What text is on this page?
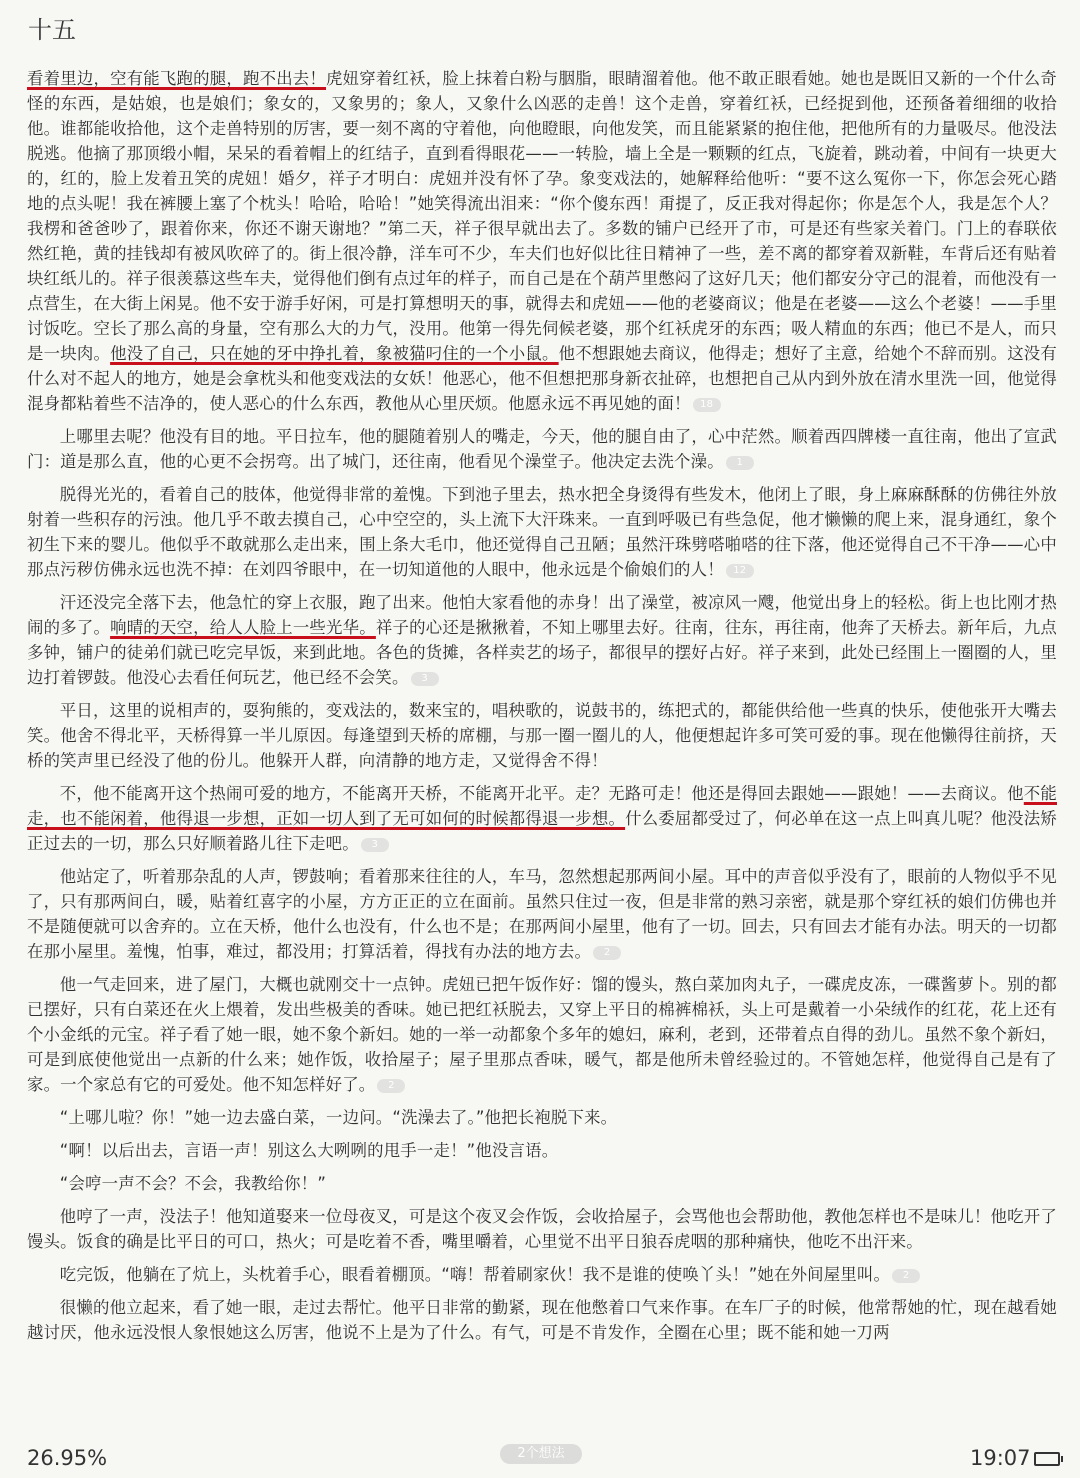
十五

看着里边，空有能飞跑的腿，跑不出去！虎妞穿着红袄，脸上抹着白粉与胭脂，眼睛溜着他。他不敢正眼看她。她也是既旧又新的一个什么奇怪的东西，是姑娘，也是娘们；象女的，又象男的；象人，又象什么凶恶的走兽！这个走兽，穿着红袄，已经捉到他，还预备着细细的收拾他。谁都能收拾他，这个走兽特别的厉害，要一刻不离的守着他，向他瞪眼，向他发笑，而且能紧紧的抱住他，把他所有的力量吸尽。他没法脱逃。他摘了那顶缎小帽，呆呆的看着帽上的红结子，直到看得眼花——一转脸，墙上全是一颗颗的红点，飞旋着，跳动着，中间有一块更大的，红的，脸上发着丑笑的虎妞！婚夕，祥子才明白：虎妞并没有怀了孕。象变戏法的，她解释给他听：“要不这么冤你一下，你怎会死心踏地的点头呢！我在裤腰上塞了个枕头！哈哈，哈哈！”她笑得流出泪来：“你个傻东西！甭提了，反正我对得起你；你是怎个人，我是怎个人？我楞和爸爸吵了，跟着你来，你还不谢天谢地？”第二天，祥子很早就出去了。多数的铺户已经开了市，可是还有些家关着门。门上的春联依然红艳，黄的挂钱却有被风吹碎了的。街上很冷静，洋车可不少，车夫们也好似比往日精神了一些，差不离的都穿着双新鞋，车背后还有贴着块红纸儿的。祥子很羡慕这些车夫，觉得他们倒有点过年的样子，而自己是在个葫芦里憋闷了这好几天；他们都安分守己的混着，而他没有一点营生，在大街上闲晃。他不安于游手好闲，可是打算想明天的事，就得去和虎妞——他的老婆商议；他是在老婆——这么个老婆！——手里讨饭吃。空长了那么高的身量，空有那么大的力气，没用。他第一得先伺候老婆，那个红袄虎牙的东西；吸人精血的东西；他已不是人，而只是一块肉。他没了自己，只在她的牙中挣扎着，象被猫叼住的一个小鼠。他不想跟她去商议，他得走；想好了主意，给她个不辞而别。这没有什么对不起人的地方，她是会拿枕头和他变戏法的女妖！他恶心，他不但想把那身新衣扯碎，也想把自己从内到外放在清水里洗一回，他觉得混身都粘着些不洁净的，使人恶心的什么东西，教他从心里厌烦。他愿永远不再见她的面！ 18

上哪里去呢？他没有目的地。平日拉车，他的腿随着别人的嘴走，今天，他的腿自由了，心中茫然。顺着西四牌楼一直往南，他出了宣武门：道是那么直，他的心更不会拐弯。出了城门，还往南，他看见个澡堂子。他决定去洗个澡。 1

脱得光光的，看着自己的肢体，他觉得非常的羞愧。下到池子里去，热水把全身烫得有些发木，他闭上了眼，身上麻麻酥酥的仿佛往外放射着一些积存的污浊。他几乎不敢去摸自己，心中空空的，头上流下大汗珠来。一直到呼吸已有些急促，他才懒懒的爬上来，混身通红，象个初生下来的婴儿。他似乎不敢就那么走出来，围上条大毛巾，他还觉得自己丑陋；虽然汗珠劈嗒啪嗒的往下落，他还觉得自己不干净——心中那点污秽仿佛永远也洗不掉：在刘四爷眼中，在一切知道他的人眼中，他永远是个偷娘们的人！ 12

汗还没完全落下去，他急忙的穿上衣服，跑了出来。他怕大家看他的赤身！出了澡堂，被凉风一飕，他觉出身上的轻松。街上也比刚才热闹的多了。响晴的天空，给人人脸上一些光华。祥子的心还是揪揪着，不知上哪里去好。往南，往东，再往南，他奔了天桥去。新年后，九点多钟，铺户的徒弟们就已吃完早饭，来到此地。各色的货摊，各样卖艺的场子，都很早的摆好占好。祥子来到，此处已经围上一圈圈的人，里边打着锣鼓。他没心去看任何玩艺，他已经不会笑。 3

平日，这里的说相声的，耍狗熊的，变戏法的，数来宝的，唱秧歌的，说鼓书的，练把式的，都能供给他一些真的快乐，使他张开大嘴去笑。他舍不得北平，天桥得算一半儿原因。每逢望到天桥的席棚，与那一圈一圈儿的人，他便想起许多可笑可爱的事。现在他懒得往前挤，天桥的笑声里已经没了他的份儿。他躲开人群，向清静的地方走，又觉得舍不得！

不，他不能离开这个热闹可爱的地方，不能离开天桥，不能离开北平。走？无路可走！他还是得回去跟她——跟她！——去商议。他不能走，也不能闲着，他得退一步想，正如一切人到了无可如何的时候都得退一步想。什么委屈都受过了，何必单在这一点上叫真儿呢？他没法矫正过去的一切，那么只好顺着路儿往下走吧。 3

他站定了，听着那杂乱的人声，锣鼓响；看着那来往往的人，车马，忽然想起那两间小屋。耳中的声音似乎没有了，眼前的人物似乎不见了，只有那两间白，暖，贴着红喜字的小屋，方方正正的立在面前。虽然只住过一夜，但是非常的熟习亲密，就是那个穿红袄的娘们仿佛也并不是随便就可以舍弃的。立在天桥，他什么也没有，什么也不是；在那两间小屋里，他有了一切。回去，只有回去才能有办法。明天的一切都在那小屋里。羞愧，怕事，难过，都没用；打算活着，得找有办法的地方去。 2

他一气走回来，进了屋门，大概也就刚交十一点钟。虎妞已把午饭作好：馏的馒头，熬白菜加肉丸子，一碟虎皮冻，一碟酱萝卜。别的都已摆好，只有白菜还在火上煨着，发出些极美的香味。她已把红袄脱去，又穿上平日的棉裤棉袄，头上可是戴着一小朵绒作的红花，花上还有个小金纸的元宝。祥子看了她一眼，她不象个新妇。她的一举一动都象个多年的媳妇，麻利，老到，还带着点自得的劲儿。虽然不象个新妇，可是到底使他觉出一点新的什么来；她作饭，收拾屋子；屋子里那点香味，暖气，都是他所未曾经验过的。不管她怎样，他觉得自己是有了家。一个家总有它的可爱处。他不知怎样好了。 2

“上哪儿啦？你！”她一边去盛白菜，一边问。“洗澡去了。”他把长袍脱下来。

“啊！以后出去，言语一声！别这么大咧咧的甩手一走！”他没言语。

“会哼一声不会？不会，我教给你！”

他哼了一声，没法子！他知道娶来一位母夜叉，可是这个夜叉会作饭，会收拾屋子，会骂他也会帮助他，教他怎样也不是味儿！他吃开了馒头。饭食的确是比平日的可口，热火；可是吃着不香，嘴里嚼着，心里觉不出平日狼吞虎咽的那种痛快，他吃不出汗来。

吃完饭，他躺在了炕上，头枕着手心，眼看着棚顶。“嗨！帮着刷家伙！我不是谁的使唤丫头！”她在外间屋里叫。 2

很懒的他立起来，看了她一眼，走过去帮忙。他平日非常的勤紧，现在他憋着口气来作事。在车厂子的时候，他常帮她的忙，现在越看她越讨厌，他永远没恨人象恨她这么厉害，他说不上是为了什么。有气，可是不肯发作，全圈在心里；既不能和她一刀两

26.95%	2个想法	19:07
